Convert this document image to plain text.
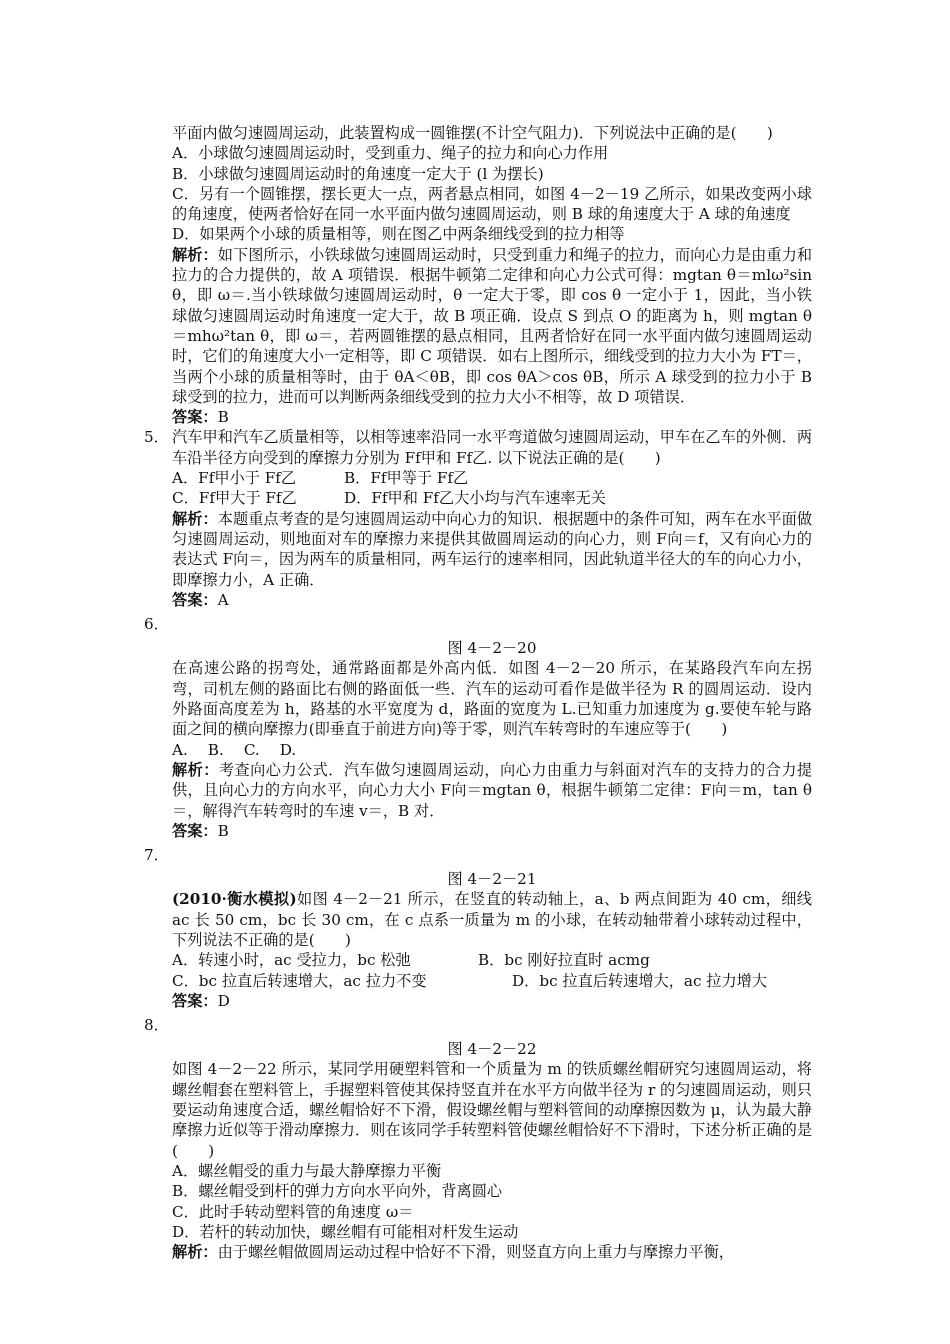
平面内做匀速圆周运动，此装置构成一圆锥摆(不计空气阻力)．下列说法中正确的是(　　)
A．小球做匀速圆周运动时，受到重力、绳子的拉力和向心力作用
B．小球做匀速圆周运动时的角速度一定大于 (l 为摆长)
C．另有一个圆锥摆，摆长更大一点，两者悬点相同，如图 4－2－19 乙所示，如果改变两小球的角速度，使两者恰好在同一水平面内做匀速圆周运动，则 B 球的角速度大于 A 球的角速度
D．如果两个小球的质量相等，则在图乙中两条细线受到的拉力相等
解析：如下图所示，小铁球做匀速圆周运动时，只受到重力和绳子的拉力，而向心力是由重力和拉力的合力提供的，故 A 项错误．根据牛顿第二定律和向心力公式可得：mgtan θ＝mlω²sin θ，即 ω＝.当小铁球做匀速圆周运动时，θ 一定大于零，即 cos θ 一定小于 1，因此，当小铁球做匀速圆周运动时角速度一定大于，故 B 项正确．设点 S 到点 O 的距离为 h，则 mgtan θ＝mhω²tan θ，即 ω＝，若两圆锥摆的悬点相同，且两者恰好在同一水平面内做匀速圆周运动时，它们的角速度大小一定相等，即 C 项错误．如右上图所示，细线受到的拉力大小为 FT＝，当两个小球的质量相等时，由于 θA＜θB，即 cos θA＞cos θB，所示 A 球受到的拉力小于 B 球受到的拉力，进而可以判断两条细线受到的拉力大小不相等，故 D 项错误．
答案：B
5． 汽车甲和汽车乙质量相等，以相等速率沿同一水平弯道做匀速圆周运动，甲车在乙车的外侧．两车沿半径方向受到的摩擦力分别为 Ff甲和 Ff乙. 以下说法正确的是(　　)
A．Ff甲小于 Ff乙	B．Ff甲等于 Ff乙
C．Ff甲大于 Ff乙	D．Ff甲和 Ff乙大小均与汽车速率无关
解析：本题重点考查的是匀速圆周运动中向心力的知识．根据题中的条件可知，两车在水平面做匀速圆周运动，则地面对车的摩擦力来提供其做圆周运动的向心力，则 F向＝f，又有向心力的表达式 F向＝，因为两车的质量相同，两车运行的速率相同，因此轨道半径大的车的向心力小，即摩擦力小，A 正确．
答案：A
6．
图 4－2－20
在高速公路的拐弯处，通常路面都是外高内低．如图 4－2－20 所示，在某路段汽车向左拐弯，司机左侧的路面比右侧的路面低一些．汽车的运动可看作是做半径为 R 的圆周运动．设内外路面高度差为 h，路基的水平宽度为 d，路面的宽度为 L.已知重力加速度为 g.要使车轮与路面之间的横向摩擦力(即垂直于前进方向)等于零，则汽车转弯时的车速应等于(　　)
A.　 B.　 C.　 D.
解析：考查向心力公式．汽车做匀速圆周运动，向心力由重力与斜面对汽车的支持力的合力提供，且向心力的方向水平，向心力大小 F向＝mgtan θ，根据牛顿第二定律：F向＝m，tan θ＝，解得汽车转弯时的车速 v＝，B 对．
答案：B
7．
图 4－2－21
(2010·衡水模拟)如图 4－2－21 所示，在竖直的转动轴上，a、b 两点间距为 40 cm，细线 ac 长 50 cm，bc 长 30 cm，在 c 点系一质量为 m 的小球，在转动轴带着小球转动过程中，下列说法不正确的是(　　)
A．转速小时，ac 受拉力，bc 松弛	B．bc 刚好拉直时 acmg
C．bc 拉直后转速增大，ac 拉力不变	D．bc 拉直后转速增大，ac 拉力增大
答案：D
8．
图 4－2－22
如图 4－2－22 所示，某同学用硬塑料管和一个质量为 m 的铁质螺丝帽研究匀速圆周运动，将螺丝帽套在塑料管上，手握塑料管使其保持竖直并在水平方向做半径为 r 的匀速圆周运动，则只要运动角速度合适，螺丝帽恰好不下滑，假设螺丝帽与塑料管间的动摩擦因数为 μ，认为最大静摩擦力近似等于滑动摩擦力．则在该同学手转塑料管使螺丝帽恰好不下滑时，下述分析正确的是(　　)
A．螺丝帽受的重力与最大静摩擦力平衡
B．螺丝帽受到杆的弹力方向水平向外，背离圆心
C．此时手转动塑料管的角速度 ω＝
D．若杆的转动加快，螺丝帽有可能相对杆发生运动
解析：由于螺丝帽做圆周运动过程中恰好不下滑，则竖直方向上重力与摩擦力平衡，
